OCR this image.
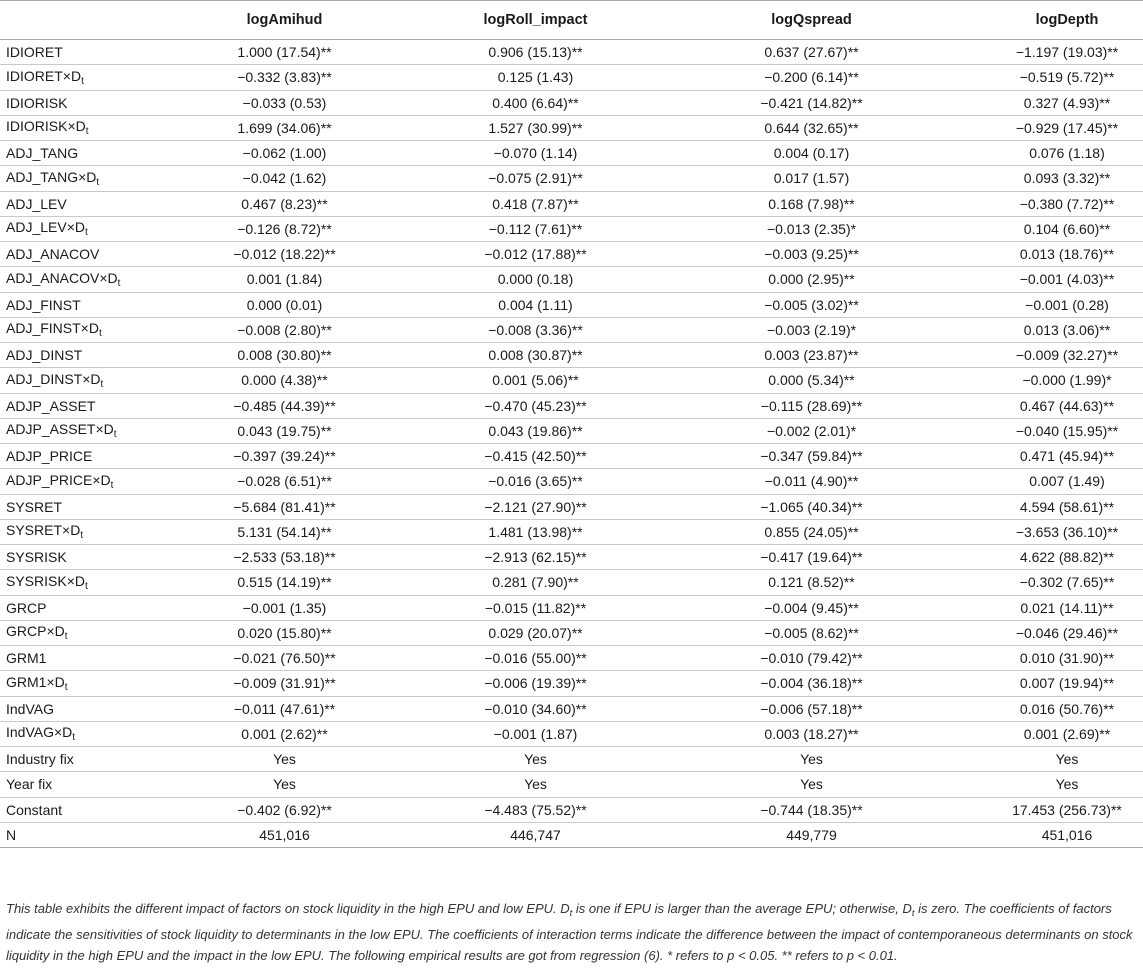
	logAmihud	logRoll_impact	logQspread	logDepth
IDIORET	1.000 (17.54)**	0.906 (15.13)**	0.637 (27.67)**	−1.197 (19.03)**
$IDIORET\times D_t$	−0.332 (3.83)**	0.125 (1.43)	−0.200 (6.14)**	−0.519 (5.72)**
IDIORISK	−0.033 (0.53)	0.400 (6.64)**	−0.421 (14.82)**	0.327 (4.93)**
$IDIORISK\times D_t$	1.699 (34.06)**	1.527 (30.99)**	0.644 (32.65)**	−0.929 (17.45)**
ADJ_TANG	−0.062 (1.00)	−0.070 (1.14)	0.004 (0.17)	0.076 (1.18)
$ADJ\_TANG\times D_t$	−0.042 (1.62)	−0.075 (2.91)**	0.017 (1.57)	0.093 (3.32)**
ADJ_LEV	0.467 (8.23)**	0.418 (7.87)**	0.168 (7.98)**	−0.380 (7.72)**
$ADJ\_LEV\times D_t$	−0.126 (8.72)**	−0.112 (7.61)**	−0.013 (2.35)*	0.104 (6.60)**
ADJ_ANACOV	−0.012 (18.22)**	−0.012 (17.88)**	−0.003 (9.25)**	0.013 (18.76)**
$ADJ\_ANACOV\times D_t$	0.001 (1.84)	0.000 (0.18)	0.000 (2.95)**	−0.001 (4.03)**
ADJ_FINST	0.000 (0.01)	0.004 (1.11)	−0.005 (3.02)**	−0.001 (0.28)
$ADJ\_FINST\times D_t$	−0.008 (2.80)**	−0.008 (3.36)**	−0.003 (2.19)*	0.013 (3.06)**
ADJ_DINST	0.008 (30.80)**	0.008 (30.87)**	0.003 (23.87)**	−0.009 (32.27)**
$ADJ\_DINST\times D_t$	0.000 (4.38)**	0.001 (5.06)**	0.000 (5.34)**	−0.000 (1.99)*
ADJP_ASSET	−0.485 (44.39)**	−0.470 (45.23)**	−0.115 (28.69)**	0.467 (44.63)**
$ADJP\_ASSET\times D_t$	0.043 (19.75)**	0.043 (19.86)**	−0.002 (2.01)*	−0.040 (15.95)**
ADJP_PRICE	−0.397 (39.24)**	−0.415 (42.50)**	−0.347 (59.84)**	0.471 (45.94)**
$ADJP\_PRICE\times D_t$	−0.028 (6.51)**	−0.016 (3.65)**	−0.011 (4.90)**	0.007 (1.49)
SYSRET	−5.684 (81.41)**	−2.121 (27.90)**	−1.065 (40.34)**	4.594 (58.61)**
$SYSRET\times D_t$	5.131 (54.14)**	1.481 (13.98)**	0.855 (24.05)**	−3.653 (36.10)**
SYSRISK	−2.533 (53.18)**	−2.913 (62.15)**	−0.417 (19.64)**	4.622 (88.82)**
$SYSRISK\times D_t$	0.515 (14.19)**	0.281 (7.90)**	0.121 (8.52)**	−0.302 (7.65)**
GRCP	−0.001 (1.35)	−0.015 (11.82)**	−0.004 (9.45)**	0.021 (14.11)**
$GRCP\times D_t$	0.020 (15.80)**	0.029 (20.07)**	−0.005 (8.62)**	−0.046 (29.46)**
GRM1	−0.021 (76.50)**	−0.016 (55.00)**	−0.010 (79.42)**	0.010 (31.90)**
$GRM1\times D_t$	−0.009 (31.91)**	−0.006 (19.39)**	−0.004 (36.18)**	0.007 (19.94)**
IndVAG	−0.011 (47.61)**	−0.010 (34.60)**	−0.006 (57.18)**	0.016 (50.76)**
$IndVAG\times D_t$	0.001 (2.62)**	−0.001 (1.87)	0.003 (18.27)**	0.001 (2.69)**
Industry fix	Yes	Yes	Yes	Yes
Year fix	Yes	Yes	Yes	Yes
Constant	−0.402 (6.92)**	−4.483 (75.52)**	−0.744 (18.35)**	17.453 (256.73)**
N	451,016	446,747	449,779	451,016

This table exhibits the different impact of factors on stock liquidity in the high EPU and low EPU. $D_t$ is one if EPU is larger than the average EPU; otherwise, $D_t$ is zero. The coefficients of factors indicate the sensitivities of stock liquidity to determinants in the low EPU. The coefficients of interaction terms indicate the difference between the impact of contemporaneous determinants on stock liquidity in the high EPU and the impact in the low EPU. The following empirical results are got from regression (6). * refers to p < 0.05. ** refers to p < 0.01.
